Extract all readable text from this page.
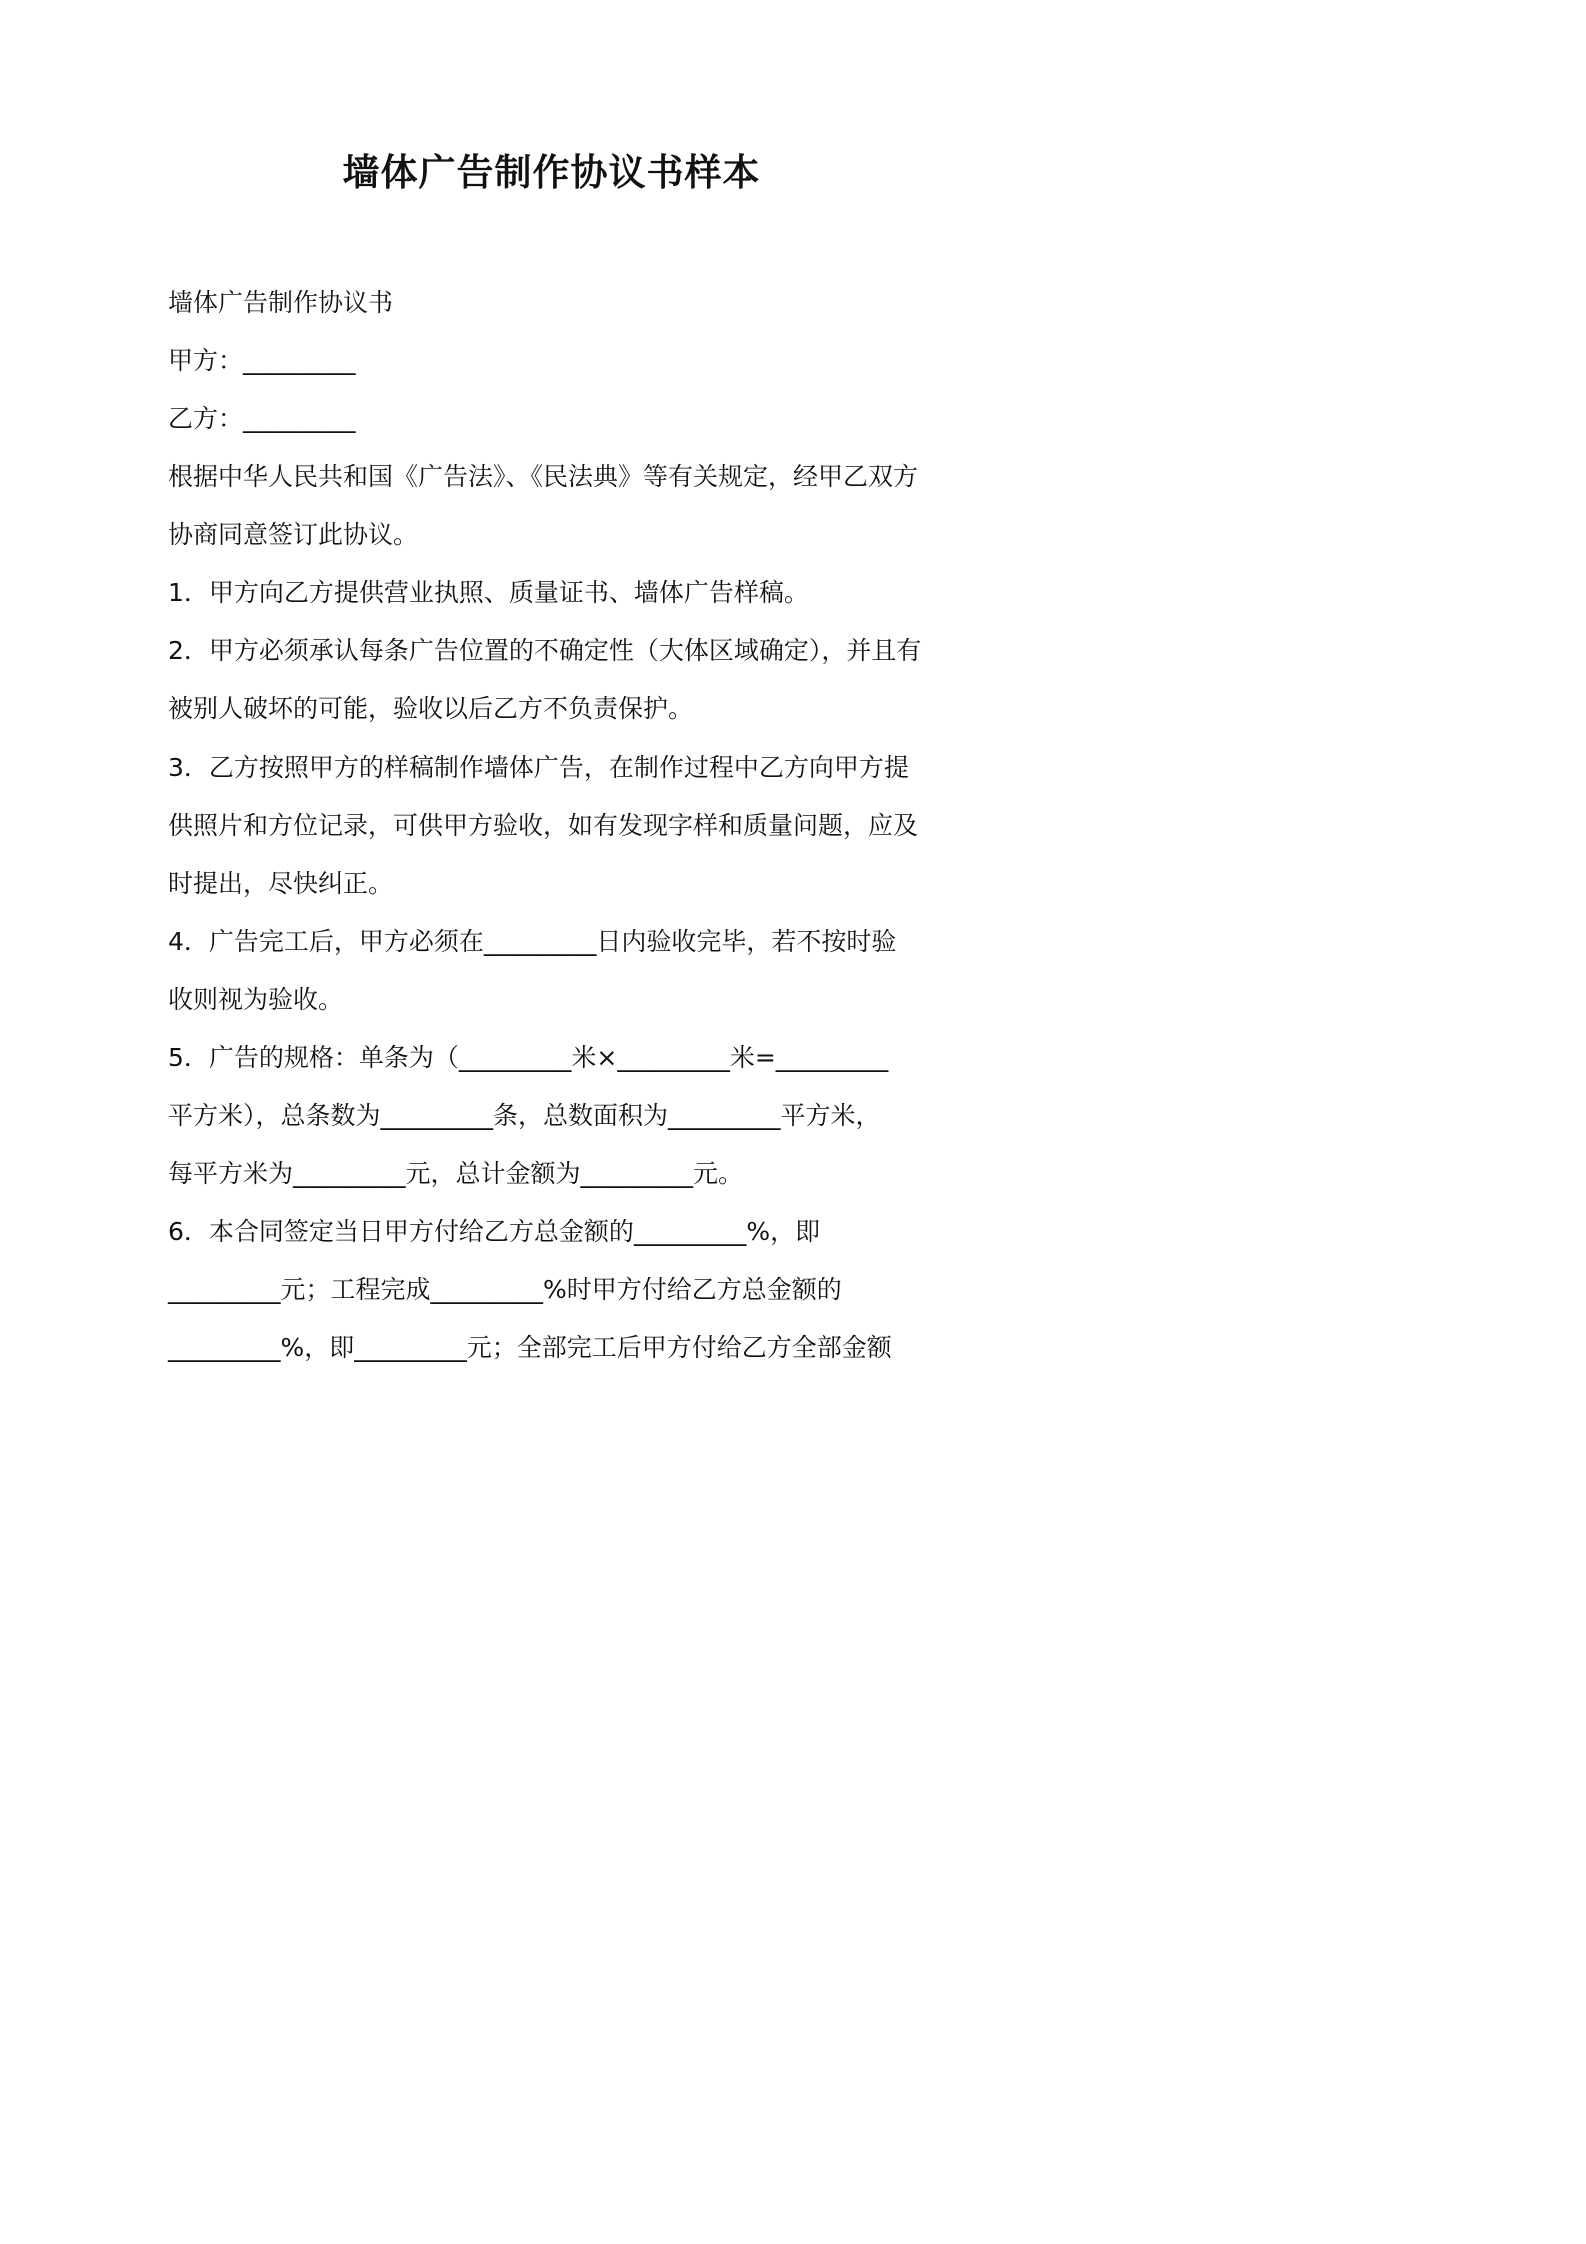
墙体广告制作协议书样本

墙体广告制作协议书

甲方：_________

乙方：_________

根据中华人民共和国《广告法》、《民法典》等有关规定，经甲乙双方

协商同意签订此协议。

1．甲方向乙方提供营业执照、质量证书、墙体广告样稿。

2．甲方必须承认每条广告位置的不确定性（大体区域确定），并且有

被别人破坏的可能，验收以后乙方不负责保护。

3．乙方按照甲方的样稿制作墙体广告，在制作过程中乙方向甲方提

供照片和方位记录，可供甲方验收，如有发现字样和质量问题，应及

时提出，尽快纠正。

4．广告完工后，甲方必须在_________日内验收完毕，若不按时验

收则视为验收。

5．广告的规格：单条为（_________米×_________米=_________

平方米），总条数为_________条，总数面积为_________平方米，

每平方米为_________元，总计金额为_________元。

6．本合同签定当日甲方付给乙方总金额的_________%，即

_________元；工程完成_________%时甲方付给乙方总金额的

_________%，即_________元；全部完工后甲方付给乙方全部金额
